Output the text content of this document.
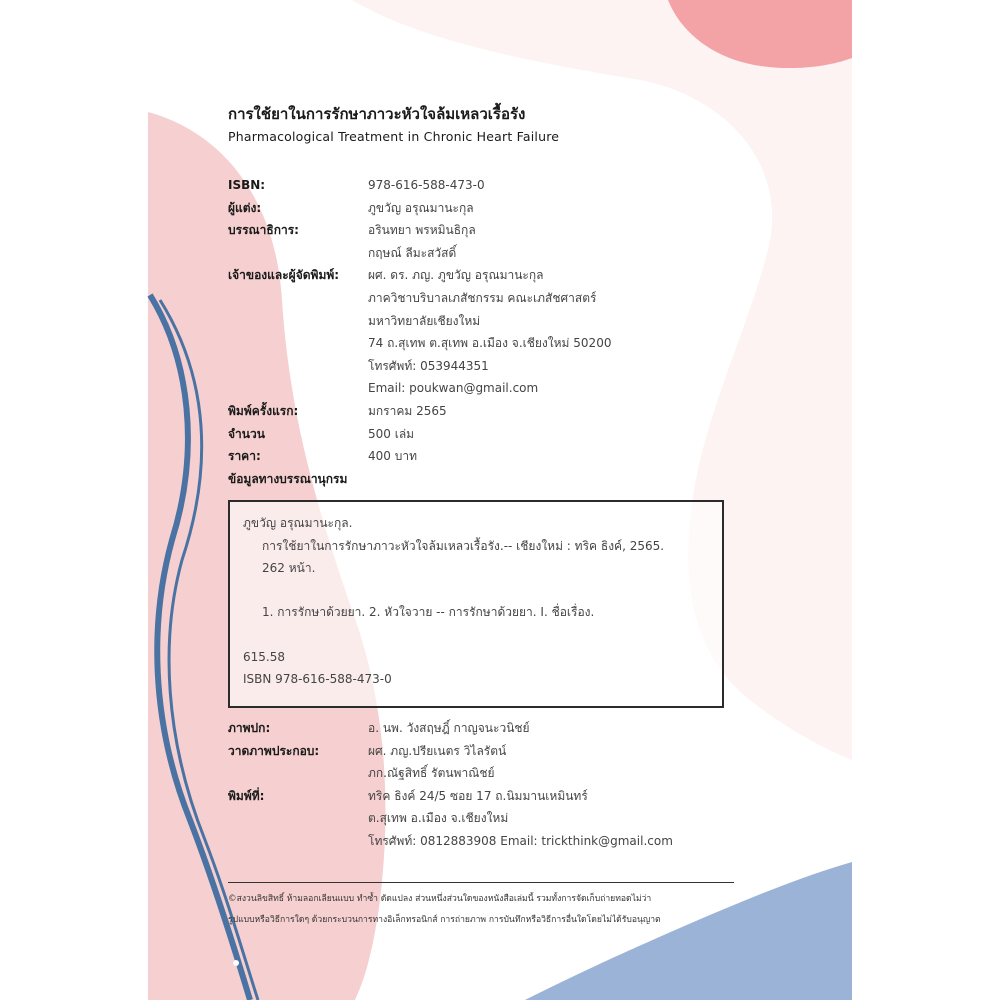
การใช้ยาในการรักษาภาวะหัวใจล้มเหลวเรื้อรัง
Pharmacological Treatment in Chronic Heart Failure
ISBN:	978-616-588-473-0
ผู้แต่ง:	ภูขวัญ อรุณมานะกุล
บรรณาธิการ:	อรินทยา พรหมินธิกุล
กฤษณ์ ลีมะสวัสดิ์
เจ้าของและผู้จัดพิมพ์:	ผศ. ดร. ภญ. ภูขวัญ อรุณมานะกุล
ภาควิชาบริบาลเภสัชกรรม คณะเภสัชศาสตร์
มหาวิทยาลัยเชียงใหม่
74 ถ.สุเทพ ต.สุเทพ อ.เมือง จ.เชียงใหม่ 50200
โทรศัพท์: 053944351
Email: poukwan@gmail.com
พิมพ์ครั้งแรก:	มกราคม 2565
จำนวน	500 เล่ม
ราคา:	400 บาท
ข้อมูลทางบรรณานุกรม
ภูขวัญ อรุณมานะกุล.
การใช้ยาในการรักษาภาวะหัวใจล้มเหลวเรื้อรัง.-- เชียงใหม่ : ทริค ธิงค์, 2565.
262 หน้า.
1. การรักษาด้วยยา. 2. หัวใจวาย -- การรักษาด้วยยา. I. ชื่อเรื่อง.
615.58
ISBN 978-616-588-473-0
ภาพปก:	อ. นพ. วังสฤษฎิ์ กาญจนะวนิชย์
วาดภาพประกอบ:	ผศ. ภญ.ปรียเนตร วิไลรัตน์
ภก.ณัฐสิทธิ์ รัตนพาณิชย์
พิมพ์ที่:	ทริค ธิงค์ 24/5 ซอย 17 ถ.นิมมานเหมินทร์
ต.สุเทพ อ.เมือง จ.เชียงใหม่
โทรศัพท์: 0812883908 Email: trickthink@gmail.com
©สงวนลิขสิทธิ์ ห้ามลอกเลียนแบบ ทำซ้ำ ดัดแปลง ส่วนหนึ่งส่วนใดของหนังสือเล่มนี้ รวมทั้งการจัดเก็บถ่ายทอดไม่ว่า
รูปแบบหรือวิธีการใดๆ ด้วยกระบวนการทางอิเล็กทรอนิกส์ การถ่ายภาพ การบันทึกหรือวิธีการอื่นใดโดยไม่ได้รับอนุญาต
